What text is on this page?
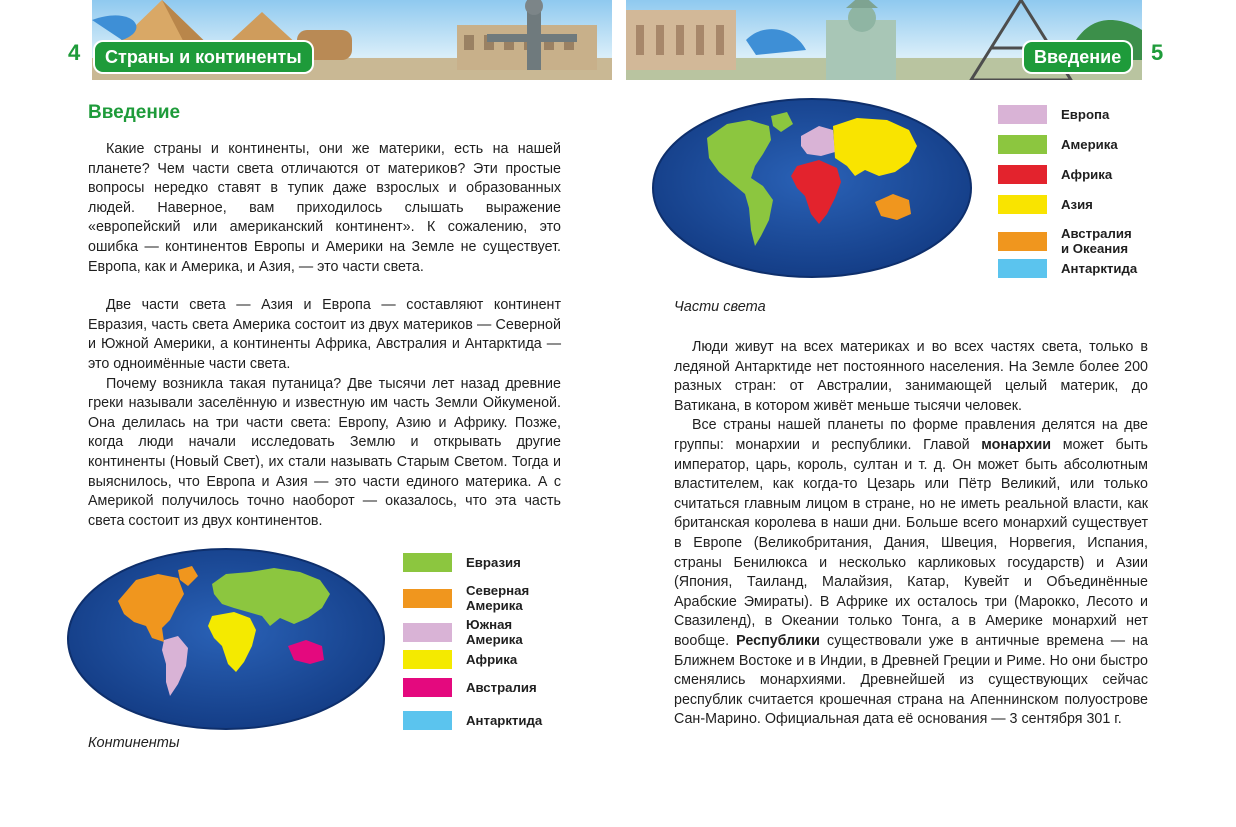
4	Страны и континенты	Введение	5
Введение

Какие страны и континенты, они же материки, есть на нашей планете? Чем части света отличаются от материков? Эти простые вопросы нередко ставят в тупик даже взрослых и образованных людей. Наверное, вам приходилось слышать выражение «европейский или американский континент». К сожалению, это ошибка — континентов Европы и Америки на Земле не существует. Европа, как и Америка, и Азия, — это части света.

Две части света — Азия и Европа — составляют континент Евразия, часть света Америка состоит из двух материков — Северной и Южной Америки, а континенты Африка, Австралия и Антарктида — это одноимённые части света.

Почему возникла такая путаница? Две тысячи лет назад древние греки называли заселённую и известную им часть Земли Ойкуменой. Она делилась на три части света: Европу, Азию и Африку. Позже, когда люди начали исследовать Землю и открывать другие континенты (Новый Свет), их стали называть Старым Светом. Тогда и выяснилось, что Европа и Азия — это части единого материка. А с Америкой получилось точно наоборот — оказалось, что эта часть света состоит из двух континентов.

Континенты
Евразия
Северная
Америка
Южная
Америка
Африка
Австралия
Антарктида
Части света
Европа
Америка
Африка
Азия
Австралия
и Океания
Антарктида

Люди живут на всех материках и во всех частях света, только в ледяной Антарктиде нет постоянного населения. На Земле более 200 разных стран: от Австралии, занимающей целый материк, до Ватикана, в котором живёт меньше тысячи человек.

Все страны нашей планеты по форме правления делятся на две группы: монархии и республики. Главой монархии может быть император, царь, король, султан и т. д. Он может быть абсолютным властителем, как когда-то Цезарь или Пётр Великий, или только считаться главным лицом в стране, но не иметь реальной власти, как британская королева в наши дни. Больше всего монархий существует в Европе (Великобритания, Дания, Швеция, Норвегия, Испания, страны Бенилюкса и несколько карликовых государств) и Азии (Япония, Таиланд, Малайзия, Катар, Кувейт и Объединённые Арабские Эмираты). В Африке их осталось три (Марокко, Лесото и Свазиленд), в Океании только Тонга, а в Америке монархий нет вообще. Республики существовали уже в античные времена — на Ближнем Востоке и в Индии, в Древней Греции и Риме. Но они быстро сменялись монархиями. Древнейшей из существующих сейчас республик считается крошечная страна на Апеннинском полуострове Сан-Марино. Официальная дата её основания — 3 сентября 301 г.
